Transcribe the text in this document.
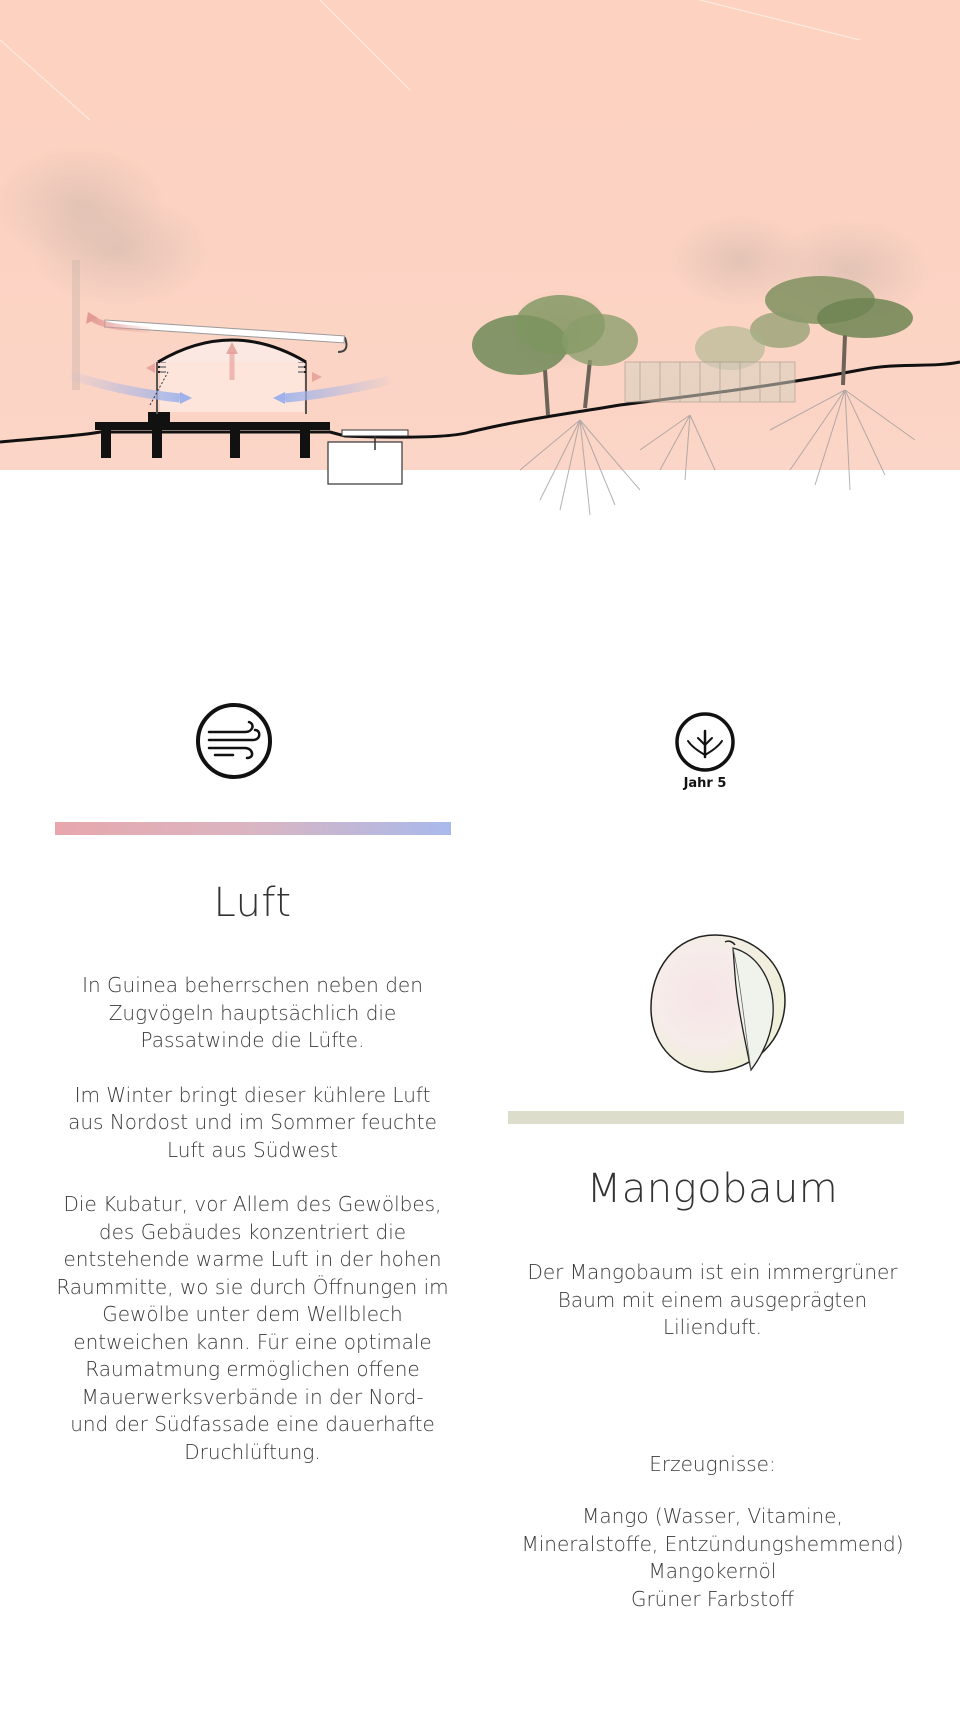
Jahr 5
Luft

In Guinea beherrschen neben den
Zugvögeln hauptsächlich die
Passatwinde die Lüfte.

Im Winter bringt dieser kühlere Luft
aus Nordost und im Sommer feuchte
Luft aus Südwest

Die Kubatur, vor Allem des Gewölbes,
des Gebäudes konzentriert die
entstehende warme Luft in der hohen
Raummitte, wo sie durch Öffnungen im
Gewölbe unter dem Wellblech
entweichen kann. Für eine optimale
Raumatmung ermöglichen offene
Mauerwerksverbände in der Nord-
und der Südfassade eine dauerhafte
Druchlüftung.

Mangobaum

Der Mangobaum ist ein immergrüner
Baum mit einem ausgeprägten
Lilienduft.

Erzeugnisse:

Mango (Wasser, Vitamine,

Mineralstoffe, Entzündungshemmend)

Mangokernöl

Grüner Farbstoff
